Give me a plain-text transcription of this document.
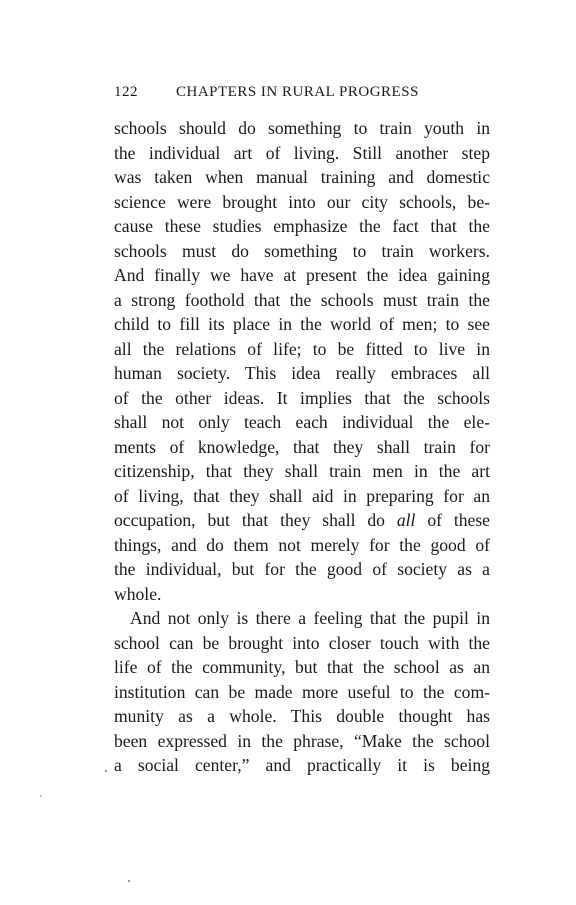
122	CHAPTERS IN RURAL PROGRESS
schools should do something to train youth in
the individual art of living. Still another step
was taken when manual training and domestic
science were brought into our city schools, be-
cause these studies emphasize the fact that the
schools must do something to train workers.
And finally we have at present the idea gaining
a strong foothold that the schools must train the
child to fill its place in the world of men; to see
all the relations of life; to be fitted to live in
human society. This idea really embraces all
of the other ideas. It implies that the schools
shall not only teach each individual the ele-
ments of knowledge, that they shall train for
citizenship, that they shall train men in the art
of living, that they shall aid in preparing for an
occupation, but that they shall do all of these
things, and do them not merely for the good of
the individual, but for the good of society as a
whole.
And not only is there a feeling that the pupil in
school can be brought into closer touch with the
life of the community, but that the school as an
institution can be made more useful to the com-
munity as a whole. This double thought has
been expressed in the phrase, “Make the school
a social center,” and practically it is being
